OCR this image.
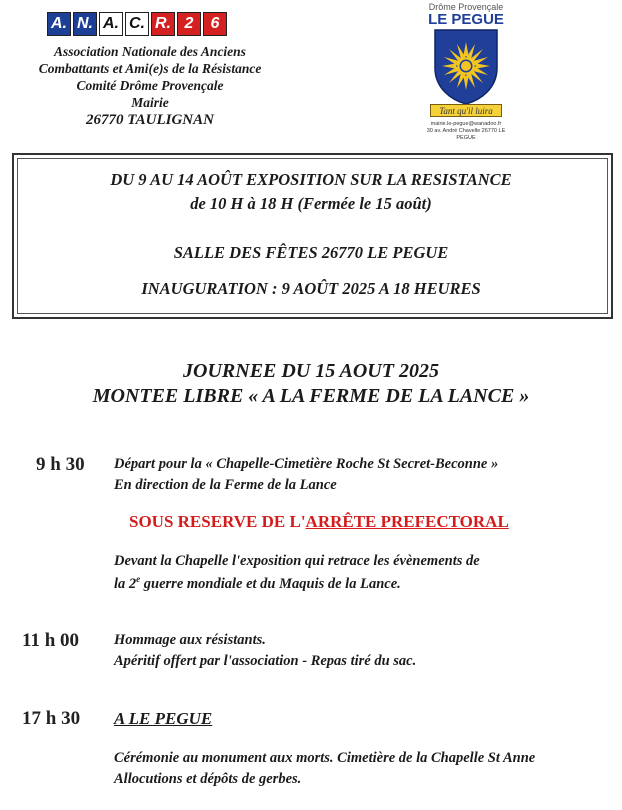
A. N. A. C. R. 2	6
Association Nationale des Anciens
Combattants et Ami(e)s de la Résistance
Comité Drôme Provençale
Mairie
26770 TAULIGNAN
Drôme Provençale
LE PEGUE
Tant qu'il luira
mairie.le-pegue@wanadoo.fr
30 av. André Chavelle 26770 LE PEGUE
DU 9 AU 14 AOÛT EXPOSITION SUR LA RESISTANCE
de 10 H à 18 H (Fermée le 15 août)
SALLE DES FÊTES 26770 LE PEGUE
INAUGURATION : 9 AOÛT 2025 A 18 HEURES
JOURNEE DU 15 AOUT 2025
MONTEE LIBRE « A LA FERME DE LA LANCE »
9 h 30 Départ pour la « Chapelle-Cimetière Roche St Secret-Beconne »
En direction de la Ferme de la Lance
SOUS RESERVE DE L'ARRÊTE PREFECTORAL
Devant la Chapelle l'exposition qui retrace les évènements de
la 2e guerre mondiale et du Maquis de la Lance.
11 h 00 Hommage aux résistants.
Apéritif offert par l'association - Repas tiré du sac.
17 h 30 A LE PEGUE
Cérémonie au monument aux morts. Cimetière de la Chapelle St Anne
Allocutions et dépôts de gerbes.
